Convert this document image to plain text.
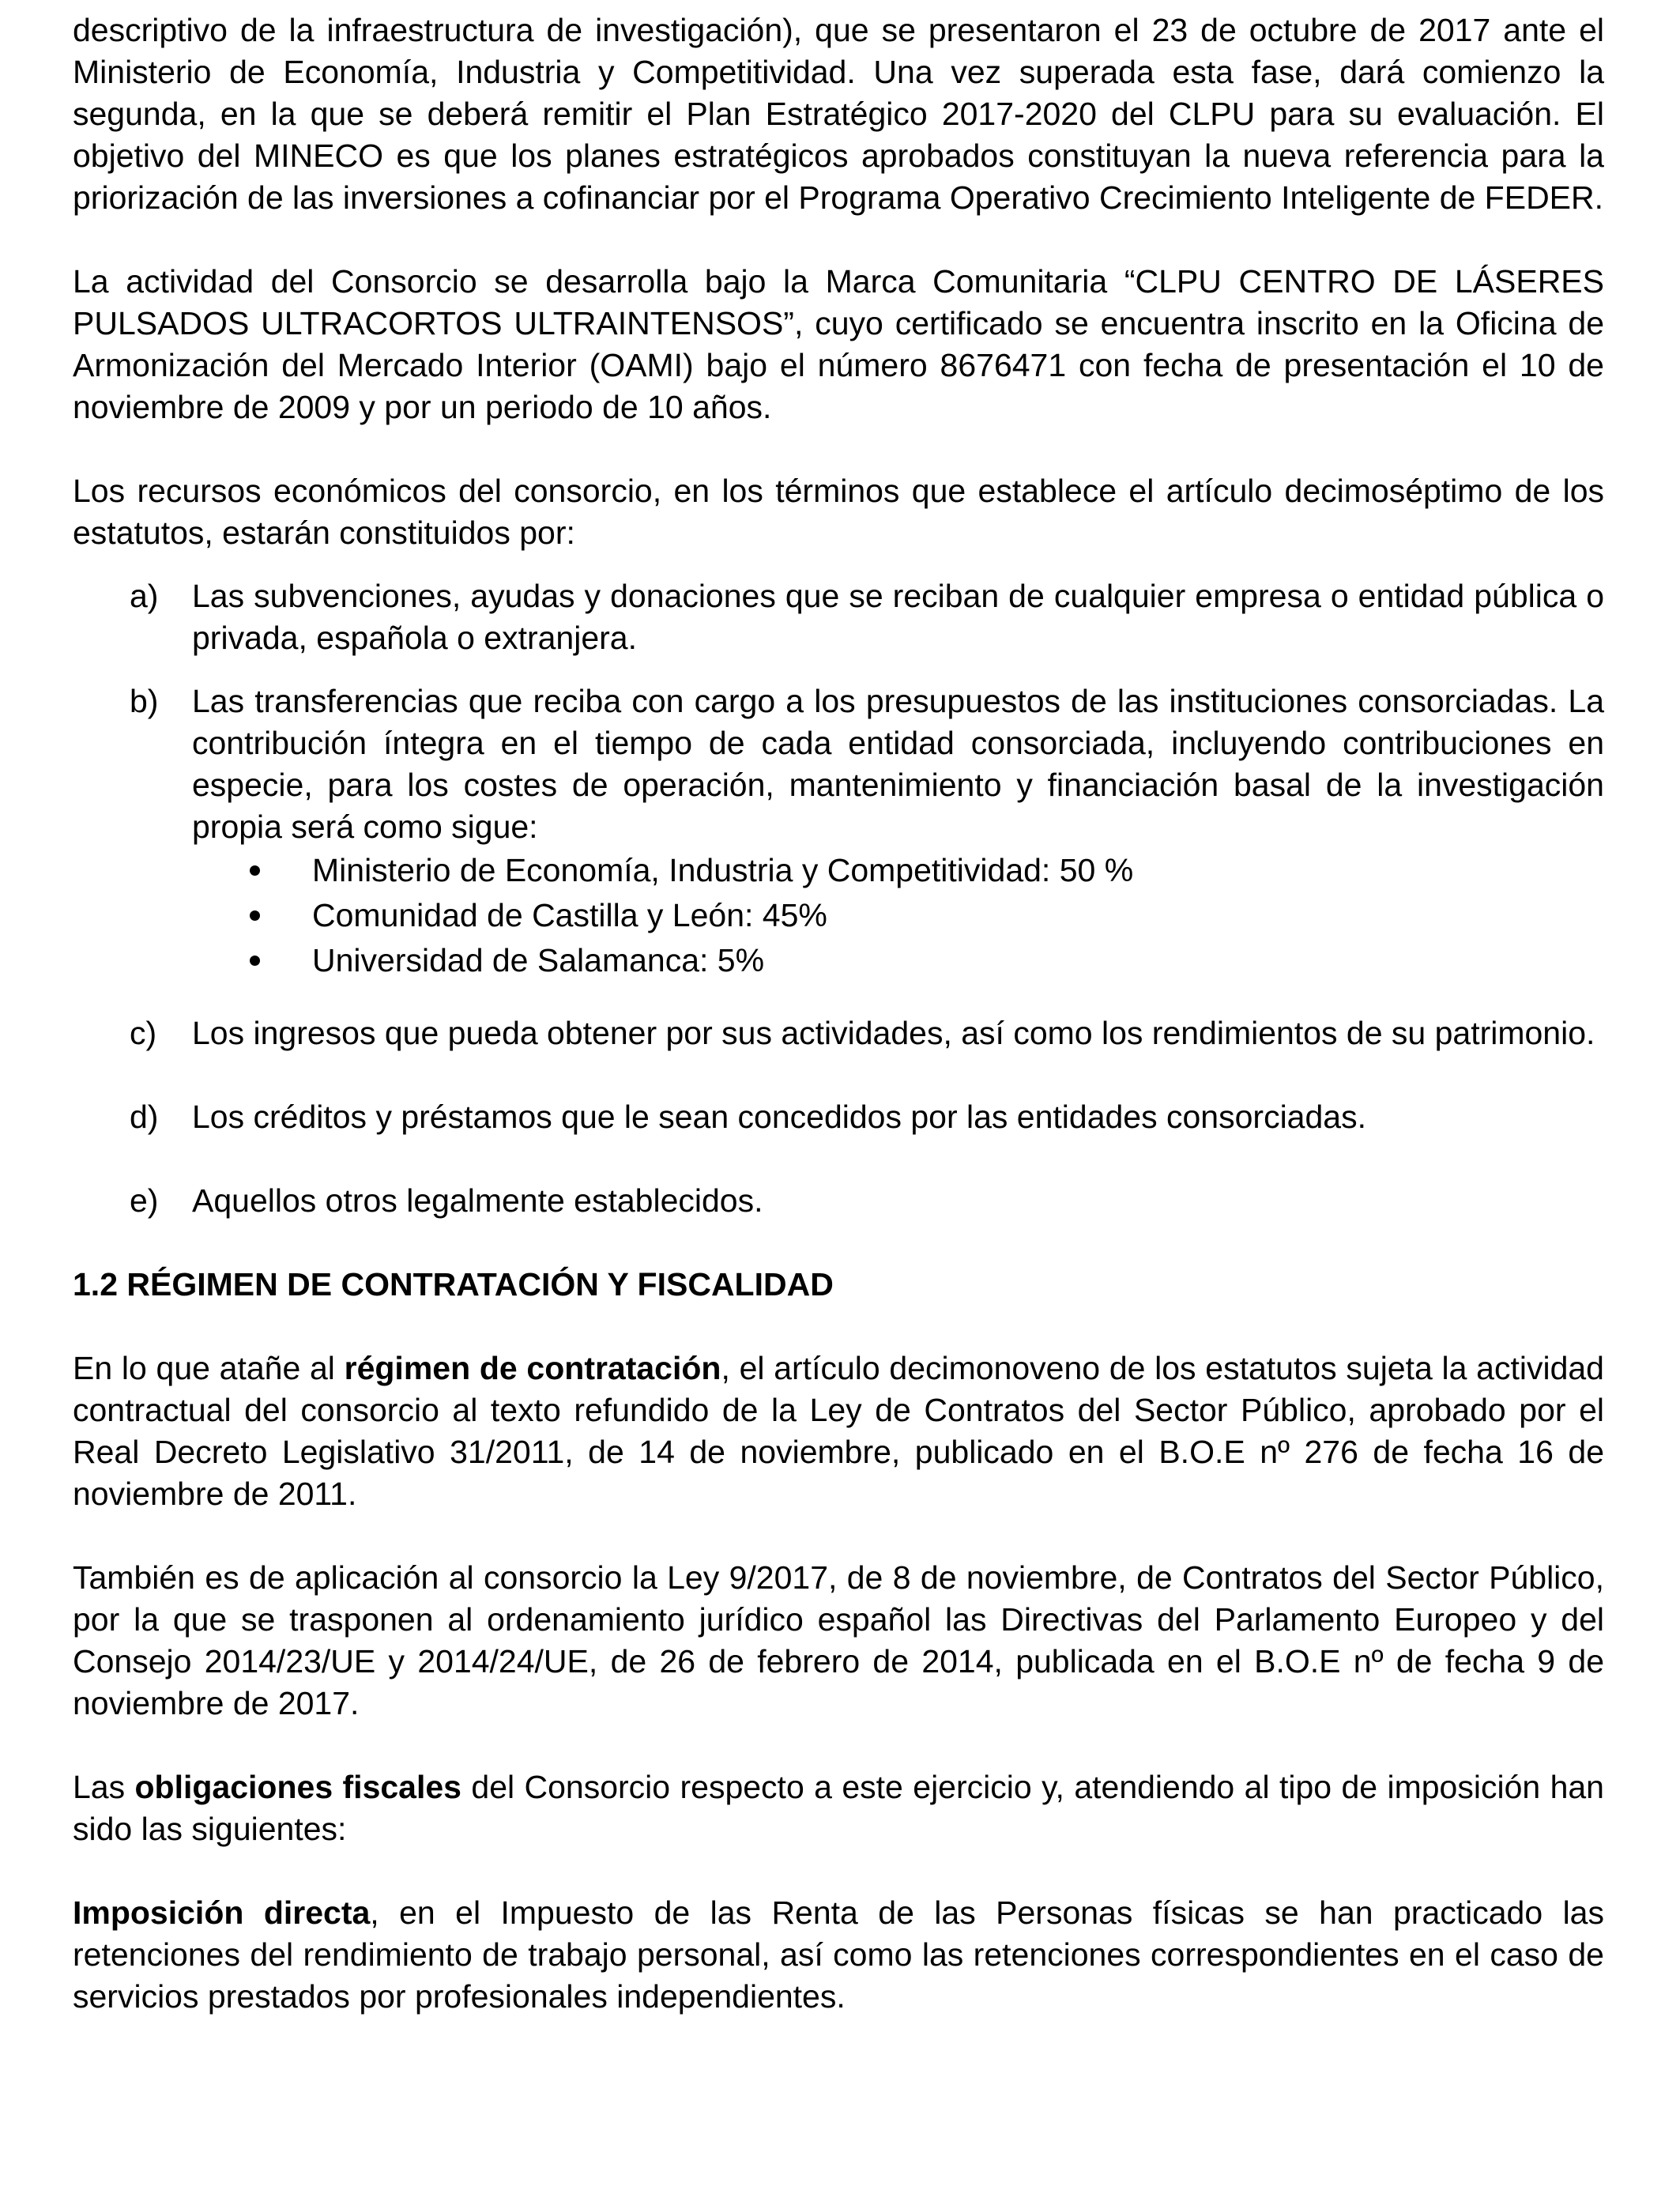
descriptivo de la infraestructura de investigación), que se presentaron el 23 de octubre de 2017 ante el Ministerio de Economía, Industria y Competitividad. Una vez superada esta fase, dará comienzo la segunda, en la que se deberá remitir el Plan Estratégico 2017-2020 del CLPU para su evaluación. El objetivo del MINECO es que los planes estratégicos aprobados constituyan la nueva referencia para la priorización de las inversiones a cofinanciar por el Programa Operativo Crecimiento Inteligente de FEDER.

La actividad del Consorcio se desarrolla bajo la Marca Comunitaria “CLPU CENTRO DE LÁSERES PULSADOS ULTRACORTOS ULTRAINTENSOS”, cuyo certificado se encuentra inscrito en la Oficina de Armonización del Mercado Interior (OAMI) bajo el número 8676471 con fecha de presentación el 10 de noviembre de 2009 y por un periodo de 10 años.

Los recursos económicos del consorcio, en los términos que establece el artículo decimoséptimo de los estatutos, estarán constituidos por:

a) Las subvenciones, ayudas y donaciones que se reciban de cualquier empresa o entidad pública o privada, española o extranjera.
b) Las transferencias que reciba con cargo a los presupuestos de las instituciones consorciadas. La contribución íntegra en el tiempo de cada entidad consorciada, incluyendo contribuciones en especie, para los costes de operación, mantenimiento y financiación basal de la investigación propia será como sigue:
Ministerio de Economía, Industria y Competitividad: 50 %
Comunidad de Castilla y León: 45%
Universidad de Salamanca: 5%
c) Los ingresos que pueda obtener por sus actividades, así como los rendimientos de su patrimonio.
d) Los créditos y préstamos que le sean concedidos por las entidades consorciadas.
e) Aquellos otros legalmente establecidos.

1.2 RÉGIMEN DE CONTRATACIÓN Y FISCALIDAD

En lo que atañe al régimen de contratación, el artículo decimonoveno de los estatutos sujeta la actividad contractual del consorcio al texto refundido de la Ley de Contratos del Sector Público, aprobado por el Real Decreto Legislativo 31/2011, de 14 de noviembre, publicado en el B.O.E nº 276 de fecha 16 de noviembre de 2011.

También es de aplicación al consorcio la Ley 9/2017, de 8 de noviembre, de Contratos del Sector Público, por la que se trasponen al ordenamiento jurídico español las Directivas del Parlamento Europeo y del Consejo 2014/23/UE y 2014/24/UE, de 26 de febrero de 2014, publicada en el B.O.E nº de fecha 9 de noviembre de 2017.

Las obligaciones fiscales del Consorcio respecto a este ejercicio y, atendiendo al tipo de imposición han sido las siguientes:

Imposición directa, en el Impuesto de las Renta de las Personas físicas se han practicado las retenciones del rendimiento de trabajo personal, así como las retenciones correspondientes en el caso de servicios prestados por profesionales independientes.
